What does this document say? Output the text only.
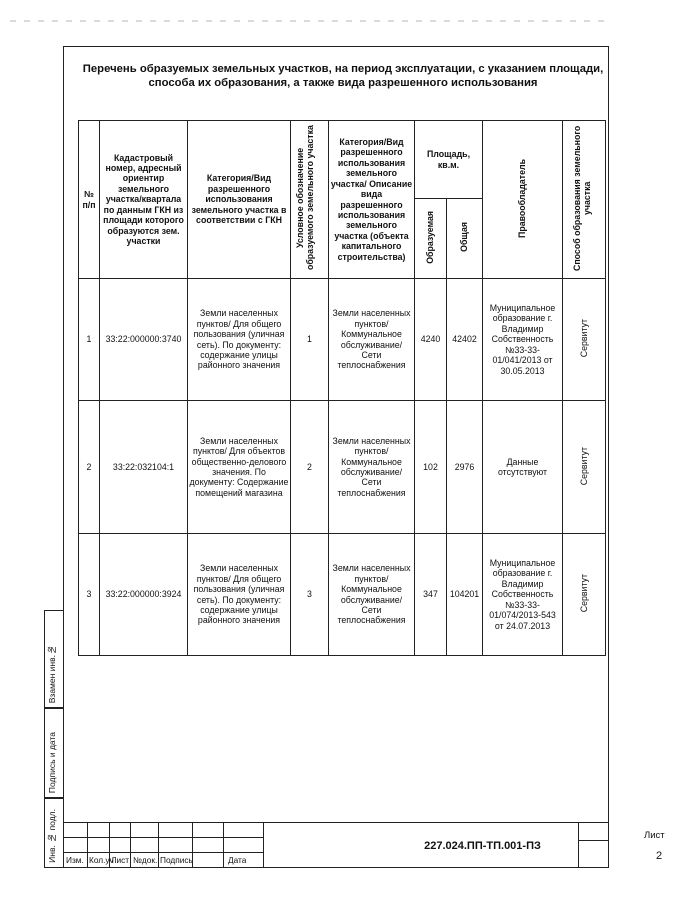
Перечень образуемых земельных участков, на период эксплуатации, с указанием площади, способа их образования, а также вида разрешенного использования
№ п/п	Кадастровый номер, адресный ориентир земельного участка/квартала по данным ГКН из площади которого образуются зем. участки	Категория/Вид разрешенного использования земельного участка в соответствии с ГКН	Условное обозначение образуемого земельного участка	Категория/Вид разрешенного использования земельного участка/ Описание вида разрешенного использования земельного участка (объекта капитального строительства)	Площадь, кв.м.		Правообладатель	Способ образования земельного участка
					Образуемая	Общая		
1	33:22:000000:3740	Земли населенных пунктов/ Для общего пользования (уличная сеть). По документу: содержание улицы районного значения	1	Земли населенных пунктов/ Коммунальное обслуживание/ Сети теплоснабжения	4240	42402	Муниципальное образование г. Владимир Собственность №33-33-01/041/2013 от 30.05.2013	Сервитут
2	33:22:032104:1	Земли населенных пунктов/ Для объектов общественно-делового значения. По документу: Содержание помещений магазина	2	Земли населенных пунктов/ Коммунальное обслуживание/ Сети теплоснабжения	102	2976	Данные отсутствуют	Сервитут
3	33:22:000000:3924	Земли населенных пунктов/ Для общего пользования (уличная сеть). По документу: содержание улицы районного значения	3	Земли населенных пунктов/ Коммунальное обслуживание/ Сети теплоснабжения	347	104201	Муниципальное образование г. Владимир Собственность №33-33-01/074/2013-543 от 24.07.2013	Сервитут
Взамен инв.№
Подпись и дата
Инв. № подл. Изм. Кол.уч
Лист №док. Подпись	Дата
227.024.ПП-ТП.001-ПЗ
Лист
2
